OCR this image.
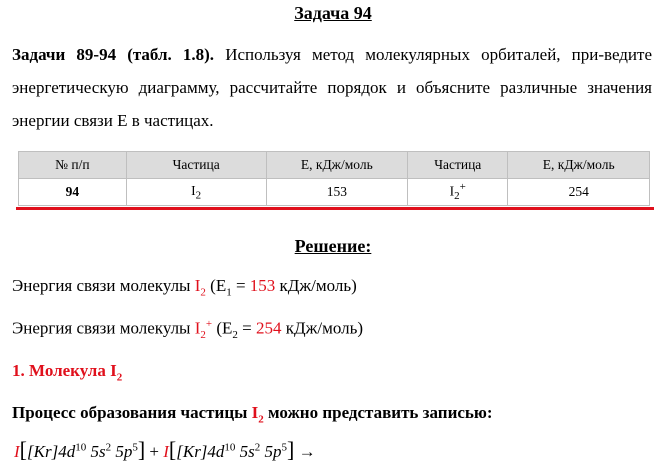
Задача 94
Задачи 89-94 (табл. 1.8). Используя метод молекулярных орбиталей, при-ведите энергетическую диаграмму, рассчитайте порядок и объясните различные значения энергии связи E в частицах.
№ п/п	Частица	E, кДж/моль	Частица	E, кДж/моль
94	$I_2$	153	$I_2^+$	254
Решение:
Энергия связи молекулы $I_2$ ($E_1 = 153$ кДж/моль)
Энергия связи молекулы $I_2^+$ ($E_2 = 254$ кДж/моль)
1. Молекула $I_2$
Процесс образования частицы $I_2$ можно представить записью:
$I[[Kr]4d^{10}$ $5s^2$ $5p^5] + I[[Kr]4d^{10}$ $5s^2$ $5p^5$] →
